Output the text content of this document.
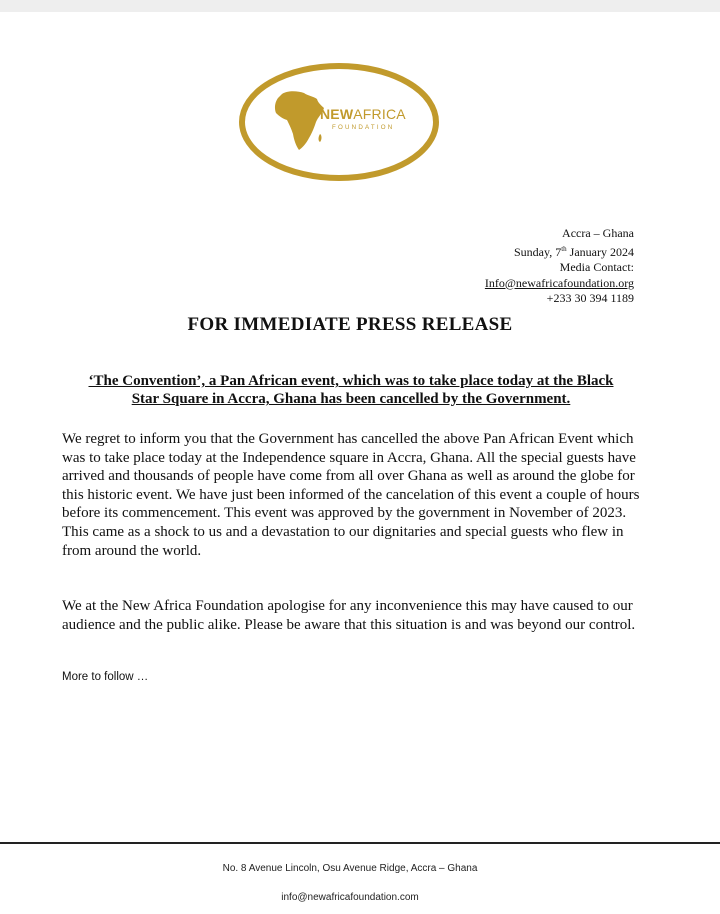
NEWAFRICA
FOUNDATION
Accra – Ghana
Sunday, 7th January 2024
Media Contact:
Info@newafricafoundation.org
+233 30 394 1189
FOR IMMEDIATE PRESS RELEASE
‘The Convention’, a Pan African event, which was to take place today at the Black Star Square in Accra, Ghana has been cancelled by the Government.
We regret to inform you that the Government has cancelled the above Pan African Event which was to take place today at the Independence square in Accra, Ghana. All the special guests have arrived and thousands of people have come from all over Ghana as well as around the globe for this historic event. We have just been informed of the cancelation of this event a couple of hours before its commencement. This event was approved by the government in November of 2023. This came as a shock to us and a devastation to our dignitaries and special guests who flew in from around the world.
We at the New Africa Foundation apologise for any inconvenience this may have caused to our audience and the public alike. Please be aware that this situation is and was beyond our control.
More to follow …
No. 8 Avenue Lincoln, Osu Avenue Ridge, Accra – Ghana
info@newafricafoundation.com
